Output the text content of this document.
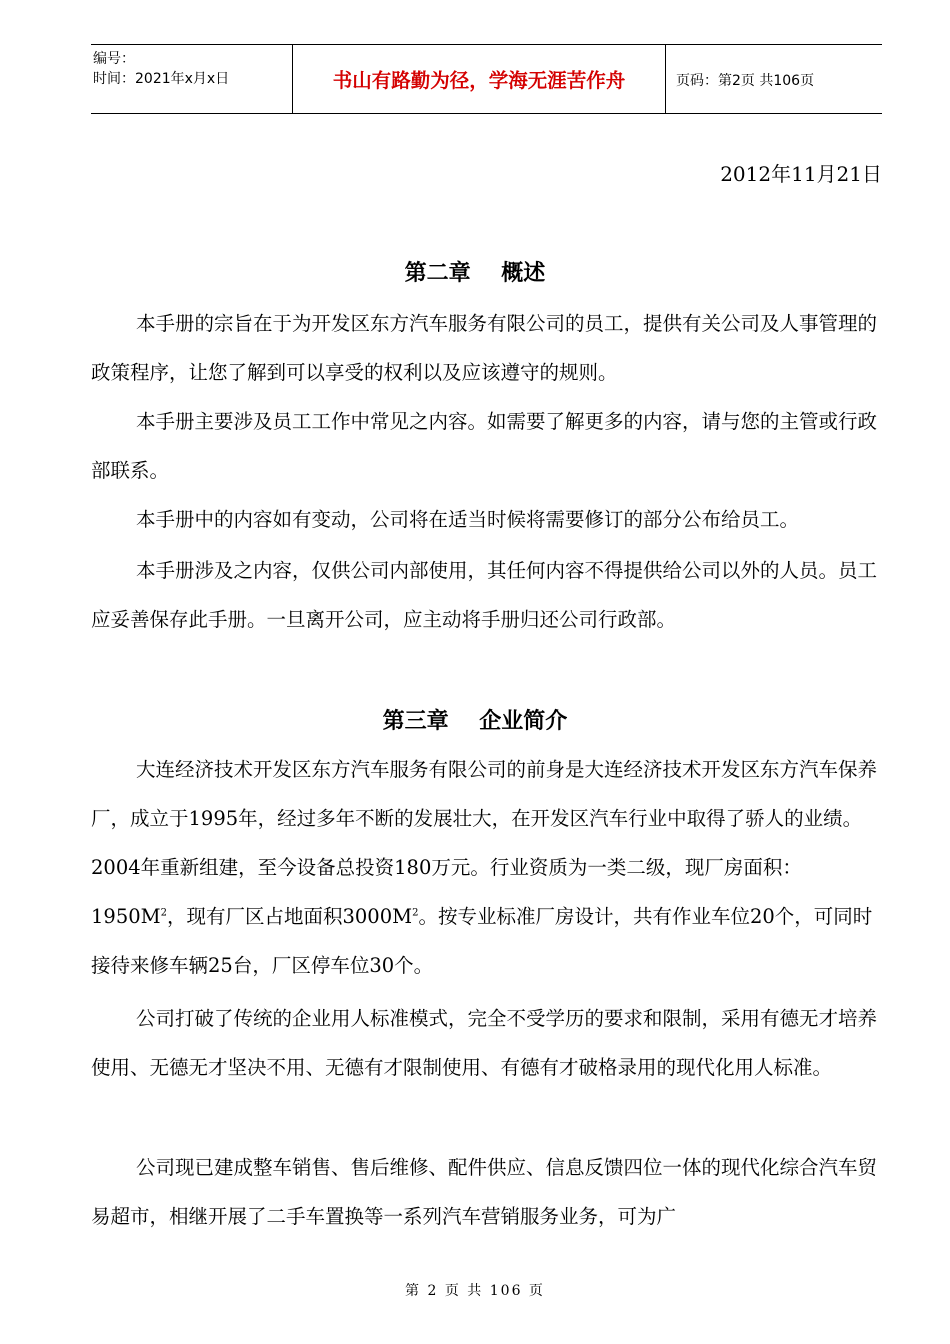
编号：
时间：2021年x月x日	书山有路勤为径，学海无涯苦作舟	页码：第2页 共106页
2012年11月21日
第二章    概述

本手册的宗旨在于为开发区东方汽车服务有限公司的员工，提供有关公司及人事管理的政策程序，让您了解到可以享受的权利以及应该遵守的规则。

本手册主要涉及员工工作中常见之内容。如需要了解更多的内容，请与您的主管或行政部联系。

本手册中的内容如有变动，公司将在适当时候将需要修订的部分公布给员工。

本手册涉及之内容，仅供公司内部使用，其任何内容不得提供给公司以外的人员。员工应妥善保存此手册。一旦离开公司，应主动将手册归还公司行政部。

第三章    企业简介

大连经济技术开发区东方汽车服务有限公司的前身是大连经济技术开发区东方汽车保养厂，成立于1995年，经过多年不断的发展壮大，在开发区汽车行业中取得了骄人的业绩。2004年重新组建，至今设备总投资180万元。行业资质为一类二级，现厂房面积：$1950M^2$，现有厂区占地面积$3000M^2$。按专业标准厂房设计，共有作业车位20个，可同时接待来修车辆25台，厂区停车位30个。

公司打破了传统的企业用人标准模式，完全不受学历的要求和限制，采用有德无才培养使用、无德无才坚决不用、无德有才限制使用、有德有才破格录用的现代化用人标准。

公司现已建成整车销售、售后维修、配件供应、信息反馈四位一体的现代化综合汽车贸易超市，相继开展了二手车置换等一系列汽车营销服务业务，可为广

第 2 页 共 106 页
